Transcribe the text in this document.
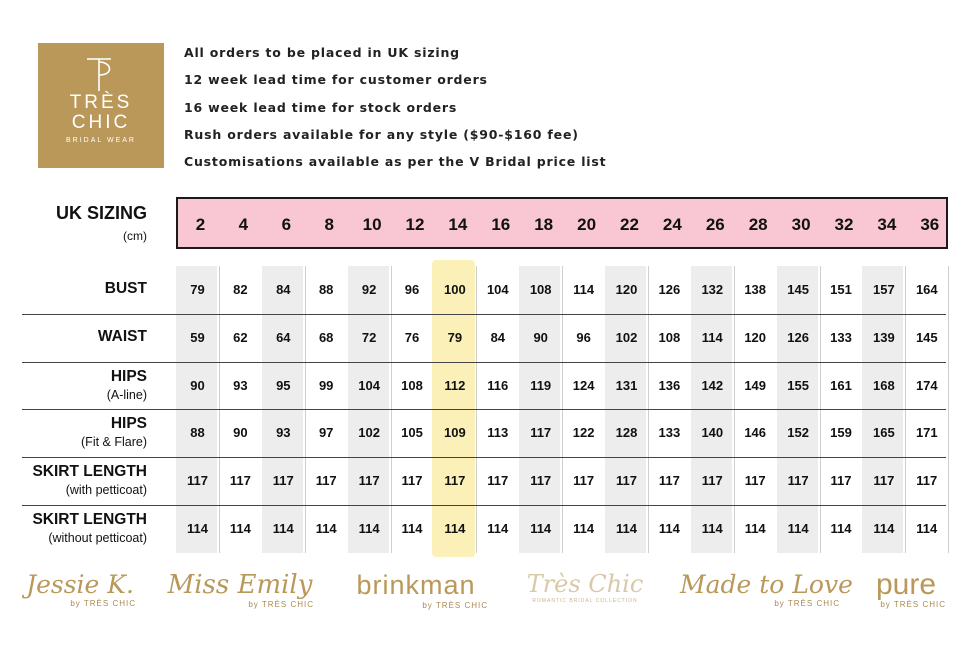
TRÈS
CHIC
BRIDAL WEAR
All orders to be placed in UK sizing
12 week lead time for customer orders
16 week lead time for stock orders
Rush orders available for any style ($90-$160 fee)
Customisations available as per the V Bridal price list
UK SIZING
(cm)
2	4	6	8	10	12	14	16	18	20	22	24	26	28	30	32	34	36
BUST	79	82	84	88	92	96	100	104	108	114	120	126	132	138	145	151	157	164
WAIST	59	62	64	68	72	76	79	84	90	96	102	108	114	120	126	133	139	145
HIPS
(A-line)
90	93	95	99	104	108	112	116	119	124	131	136	142	149	155	161	168	174
HIPS
(Fit & Flare)
88	90	93	97	102	105	109	113	117	122	128	133	140	146	152	159	165	171
SKIRT LENGTH
(with petticoat)
117	117	117	117	117	117	117	117	117	117	117	117	117	117	117	117	117	117
SKIRT LENGTH
(without petticoat)
114	114	114	114	114	114	114	114	114	114	114	114	114	114	114	114	114	114
Jessie K.
by TRÈS CHIC
Miss Emily
by TRÈS CHIC
brinkman
by TRÈS CHIC
Très Chic
ROMANTIC BRIDAL COLLECTION
Made to Love
by TRÈS CHIC
pure
by TRÈS CHIC
